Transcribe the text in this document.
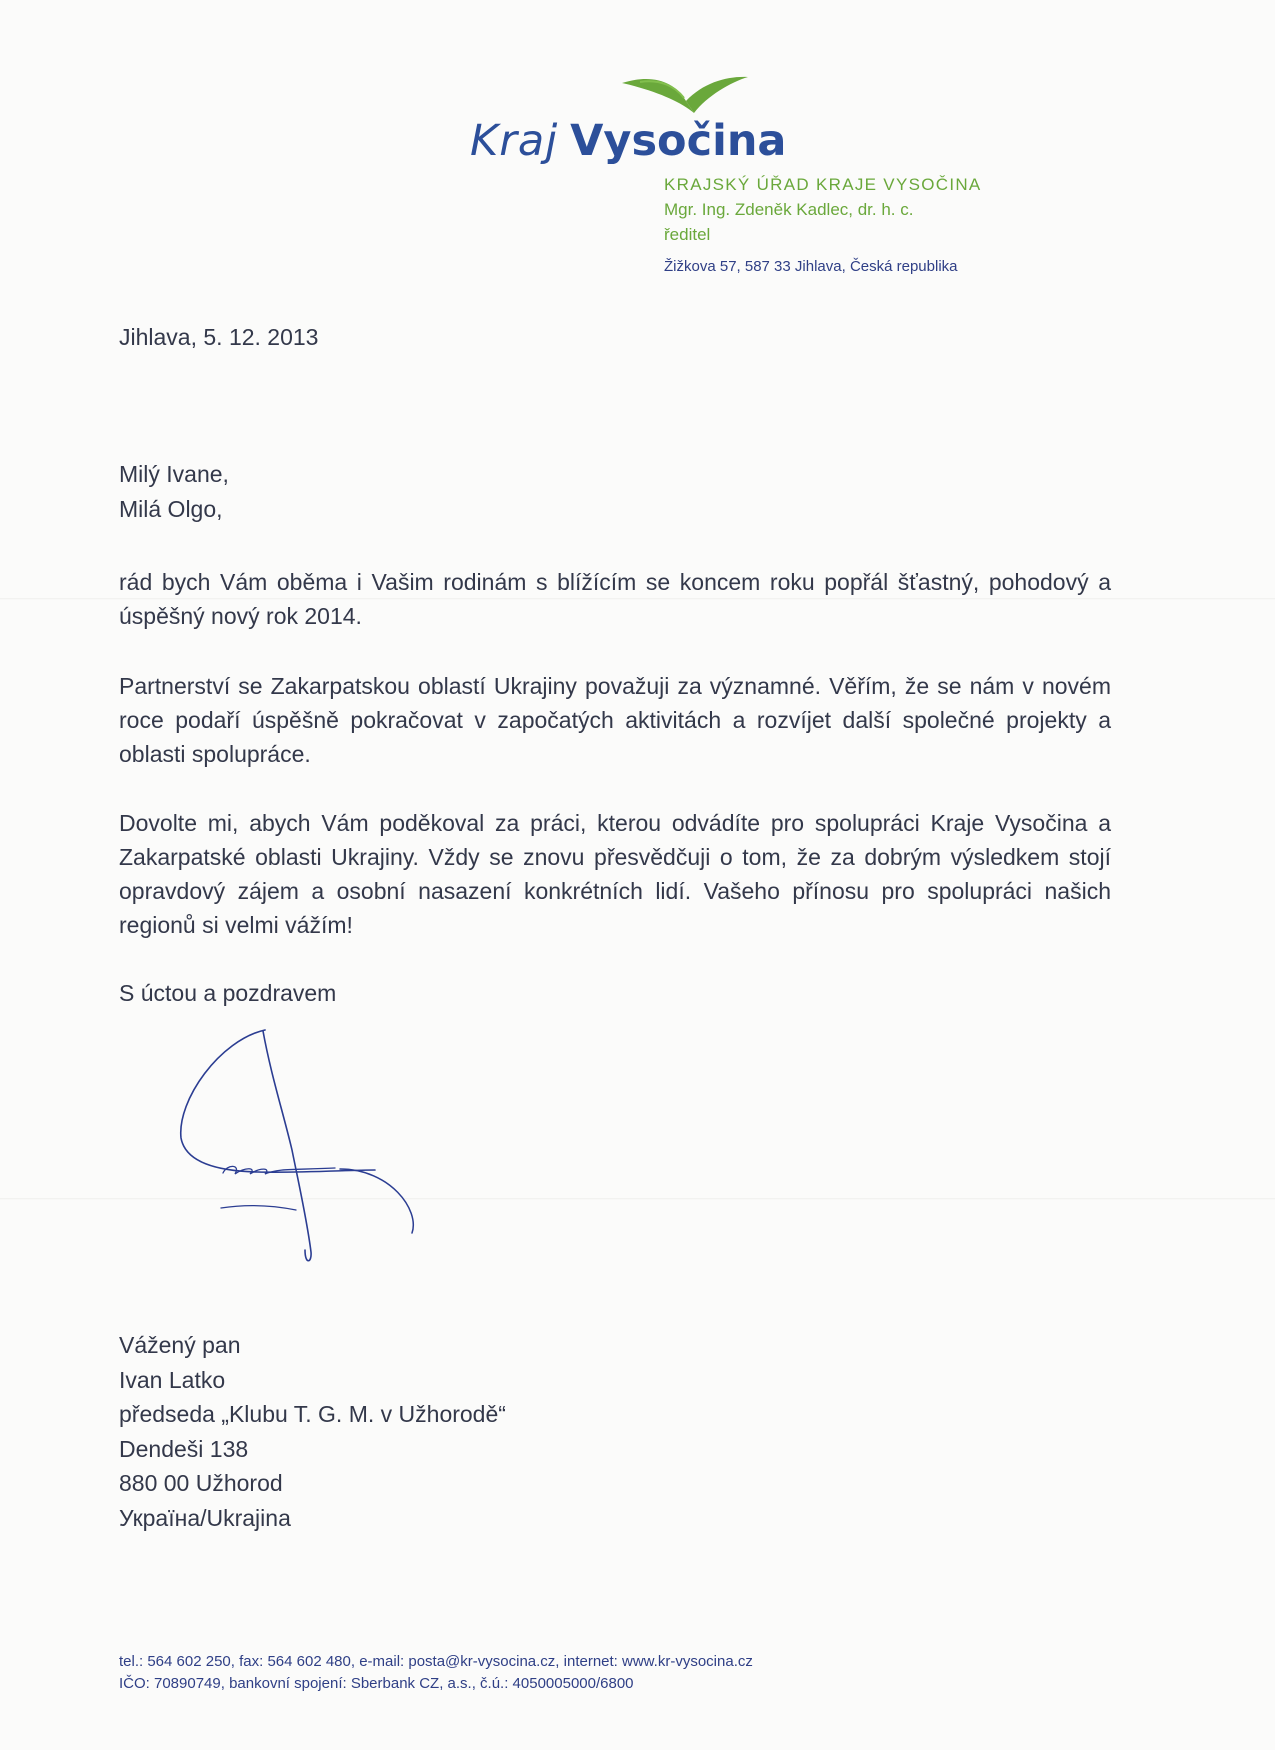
Kraj Vysočina
KRAJSKÝ ÚŘAD KRAJE VYSOČINA
Mgr. Ing. Zdeněk Kadlec, dr. h. c.
ředitel
Žižkova 57, 587 33 Jihlava, Česká republika
Jihlava, 5. 12. 2013
Milý Ivane,
Milá Olgo,
rád bych Vám oběma i Vašim rodinám s blížícím se koncem roku popřál šťastný, pohodový a úspěšný nový rok 2014.
Partnerství se Zakarpatskou oblastí Ukrajiny považuji za významné. Věřím, že se nám v novém roce podaří úspěšně pokračovat v započatých aktivitách a rozvíjet další společné projekty a oblasti spolupráce.
Dovolte mi, abych Vám poděkoval za práci, kterou odvádíte pro spolupráci Kraje Vysočina a Zakarpatské oblasti Ukrajiny. Vždy se znovu přesvědčuji o tom, že za dobrým výsledkem stojí opravdový zájem a osobní nasazení konkrétních lidí. Vašeho přínosu pro spolupráci našich regionů si velmi vážím!
S úctou a pozdravem
Vážený pan
Ivan Latko
předseda „Klubu T. G. M. v Užhorodě“
Dendeši 138
880 00 Užhorod
Україна/Ukrajina
tel.: 564 602 250, fax: 564 602 480, e-mail: posta@kr-vysocina.cz, internet: www.kr-vysocina.cz
IČO: 70890749, bankovní spojení: Sberbank CZ, a.s., č.ú.: 4050005000/6800
